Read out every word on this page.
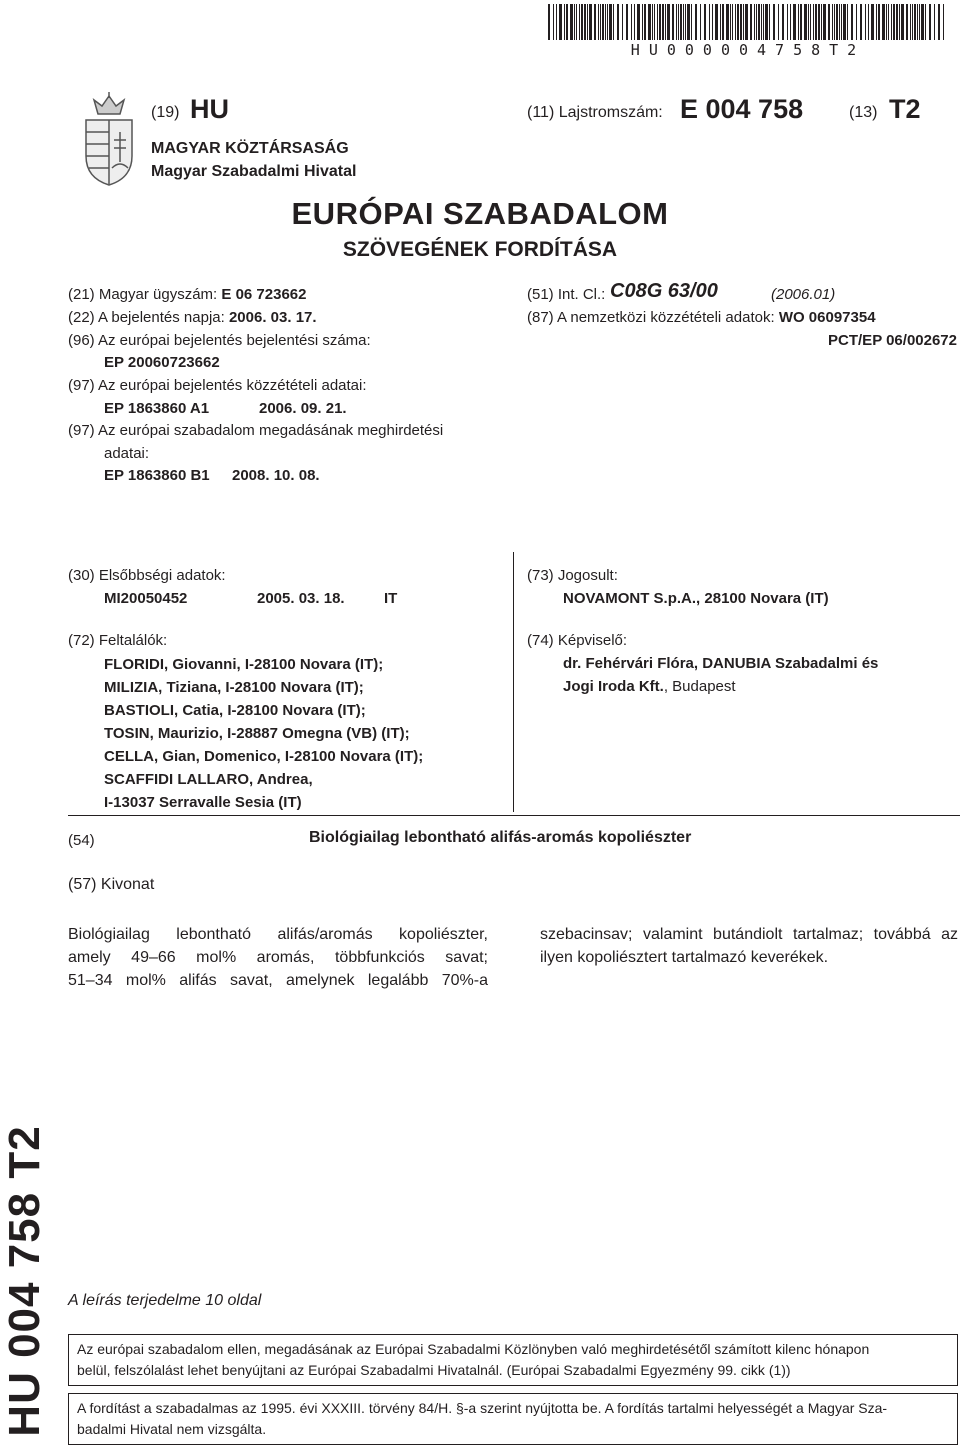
HU000004758T2
(19) HU
MAGYAR KÖZTÁRSASÁG
Magyar Szabadalmi Hivatal
(11) Lajstromszám: E 004 758	(13) T2
EURÓPAI SZABADALOM
SZÖVEGÉNEK FORDÍTÁSA
(21) Magyar ügyszám: E 06 723662
(22) A bejelentés napja: 2006. 03. 17.
(96) Az európai bejelentés bejelentési száma:
EP 20060723662
(97) Az európai bejelentés közzétételi adatai:
EP 1863860 A1	2006. 09. 21.
(97) Az európai szabadalom megadásának meghirdetési
adatai:
EP 1863860 B1 2008. 10. 08.
(51) Int. Cl.: C08G 63/00	(2006.01)
(87) A nemzetközi közzétételi adatok: WO 06097354
PCT/EP 06/002672
(30) Elsőbbségi adatok:
MI20050452	2005. 03. 18.	IT
(72) Feltalálók:
FLORIDI, Giovanni, I-28100 Novara (IT);
MILIZIA, Tiziana, I-28100 Novara (IT);
BASTIOLI, Catia, I-28100 Novara (IT);
TOSIN, Maurizio, I-28887 Omegna (VB) (IT);
CELLA, Gian, Domenico, I-28100 Novara (IT);
SCAFFIDI LALLARO, Andrea,
I-13037 Serravalle Sesia (IT)
(73) Jogosult:
NOVAMONT S.p.A., 28100 Novara (IT)
(74) Képviselő:
dr. Fehérvári Flóra, DANUBIA Szabadalmi és
Jogi Iroda Kft., Budapest
(54)	Biológiailag lebontható alifás-aromás kopoliészter
(57) Kivonat
Biológiailag lebontható alifás/aromás kopoliészter,
amely 49–66 mol% aromás, többfunkciós savat;
51–34 mol% alifás savat, amelynek legalább 70%-a
szebacinsav; valamint butándiolt tartalmaz; továbbá az
ilyen kopoliésztert tartalmazó keverékek.
HU 004 758 T2 A leírás terjedelme 10 oldal
Az európai szabadalom ellen, megadásának az Európai Szabadalmi Közlönyben való meghirdetésétől számított kilenc hónapon
belül, felszólalást lehet benyújtani az Európai Szabadalmi Hivatalnál. (Európai Szabadalmi Egyezmény 99. cikk (1))
A fordítást a szabadalmas az 1995. évi XXXIII. törvény 84/H. §-a szerint nyújtotta be. A fordítás tartalmi helyességét a Magyar Sza-
badalmi Hivatal nem vizsgálta.
